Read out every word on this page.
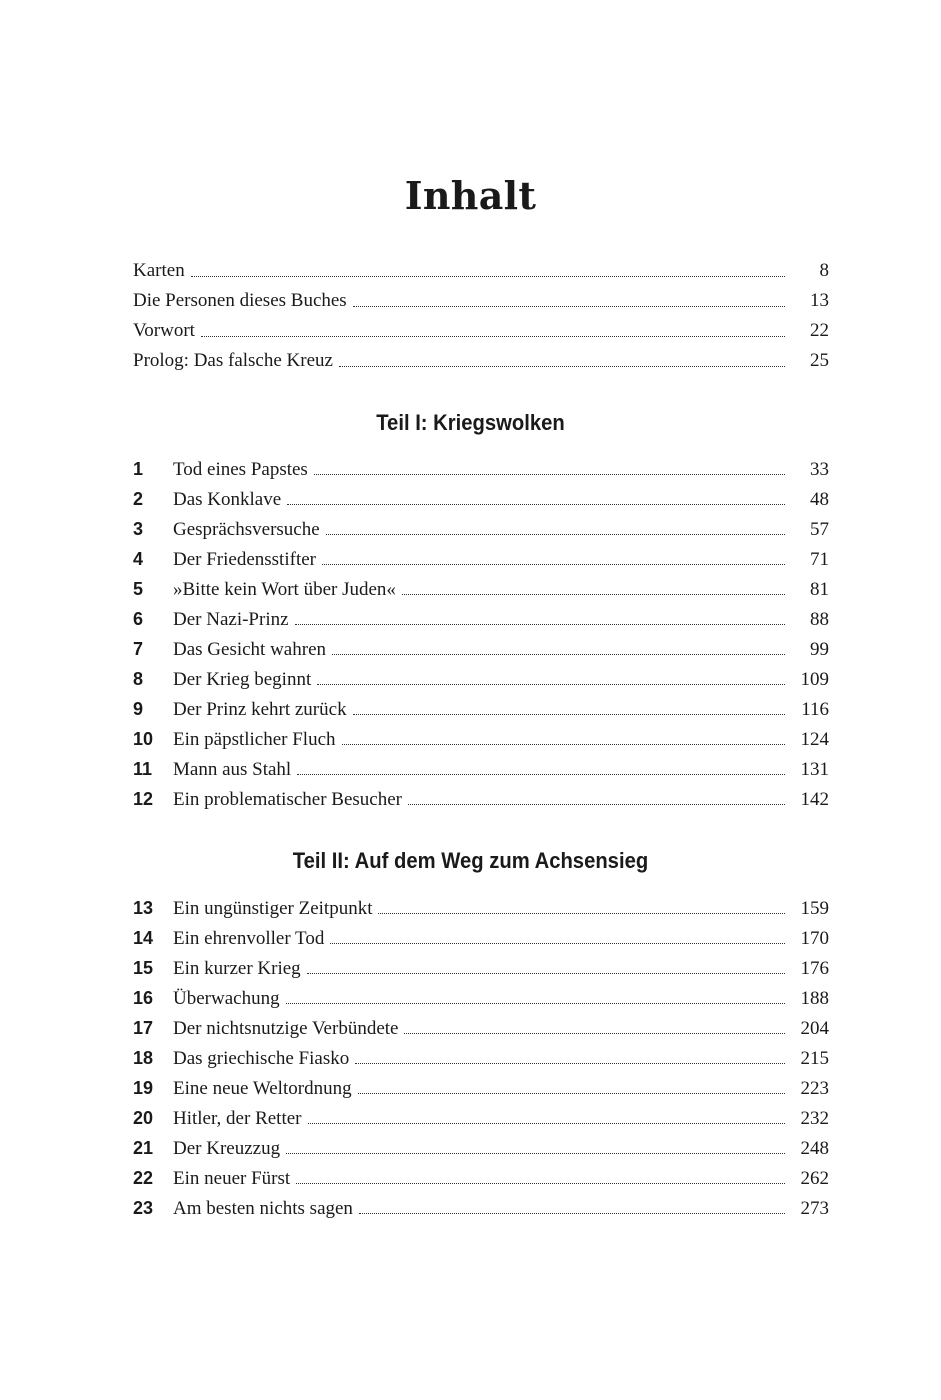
Inhalt
Karten	8
Die Personen dieses Buches	13
Vorwort	22
Prolog: Das falsche Kreuz	25
Teil I: Kriegswolken
1	Tod eines Papstes	33
2	Das Konklave	48
3	Gesprächsversuche	57
4	Der Friedensstifter	71
5	»Bitte kein Wort über Juden«	81
6	Der Nazi-Prinz	88
7	Das Gesicht wahren	99
8	Der Krieg beginnt	109
9	Der Prinz kehrt zurück	116
10	Ein päpstlicher Fluch	124
11	Mann aus Stahl	131
12	Ein problematischer Besucher	142
Teil II: Auf dem Weg zum Achsensieg
13	Ein ungünstiger Zeitpunkt	159
14	Ein ehrenvoller Tod	170
15	Ein kurzer Krieg	176
16	Überwachung	188
17	Der nichtsnutzige Verbündete	204
18	Das griechische Fiasko	215
19	Eine neue Weltordnung	223
20	Hitler, der Retter	232
21	Der Kreuzzug	248
22	Ein neuer Fürst	262
23	Am besten nichts sagen	273
